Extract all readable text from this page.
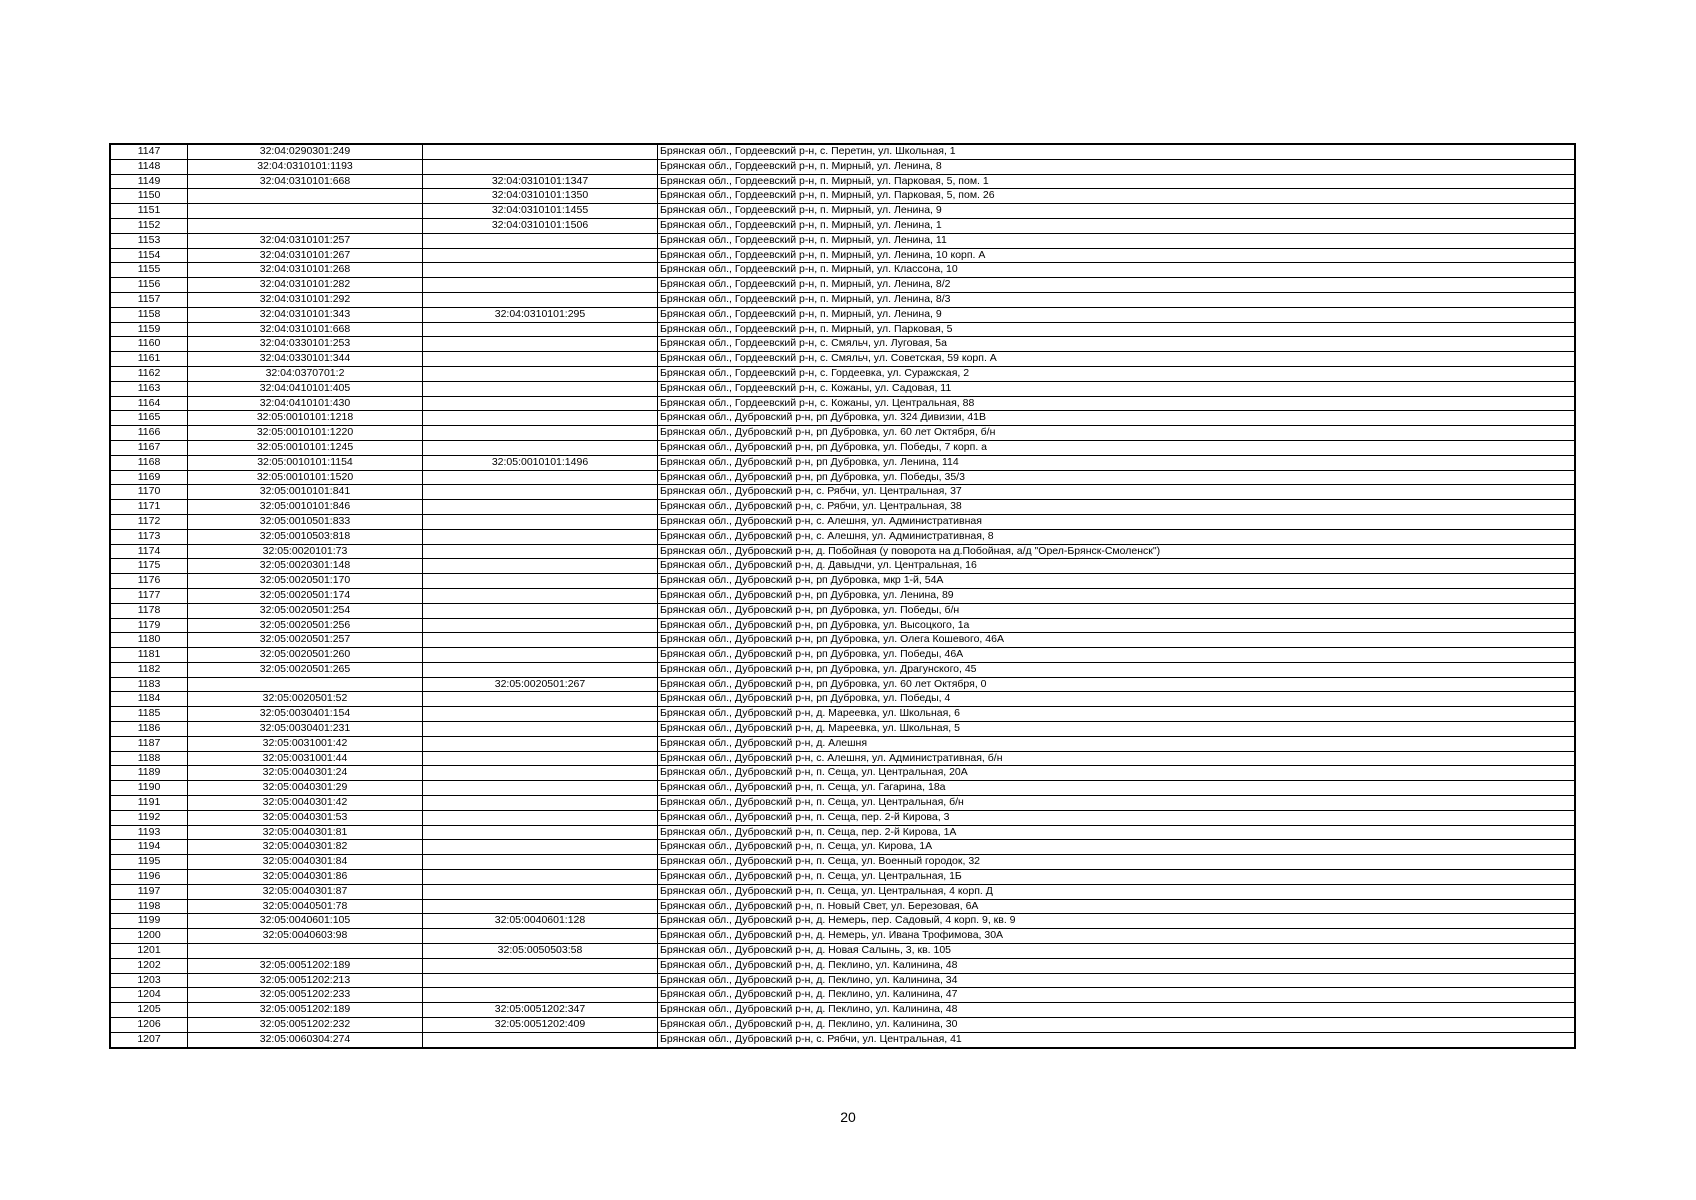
1147	32:04:0290301:249		Брянская обл., Гордеевский р-н, с. Перетин, ул. Школьная, 1
1148	32:04:0310101:1193		Брянская обл., Гордеевский р-н, п. Мирный, ул. Ленина, 8
1149	32:04:0310101:668	32:04:0310101:1347	Брянская обл., Гордеевский р-н, п. Мирный, ул. Парковая, 5, пом. 1
1150		32:04:0310101:1350	Брянская обл., Гордеевский р-н, п. Мирный, ул. Парковая, 5, пом. 26
1151		32:04:0310101:1455	Брянская обл., Гордеевский р-н, п. Мирный, ул. Ленина, 9
1152		32:04:0310101:1506	Брянская обл., Гордеевский р-н, п. Мирный, ул. Ленина, 1
1153	32:04:0310101:257		Брянская обл., Гордеевский р-н, п. Мирный, ул. Ленина, 11
1154	32:04:0310101:267		Брянская обл., Гордеевский р-н, п. Мирный, ул. Ленина, 10 корп. А
1155	32:04:0310101:268		Брянская обл., Гордеевский р-н, п. Мирный, ул. Классона, 10
1156	32:04:0310101:282		Брянская обл., Гордеевский р-н, п. Мирный, ул. Ленина, 8/2
1157	32:04:0310101:292		Брянская обл., Гордеевский р-н, п. Мирный, ул. Ленина, 8/3
1158	32:04:0310101:343	32:04:0310101:295	Брянская обл., Гордеевский р-н, п. Мирный, ул. Ленина, 9
1159	32:04:0310101:668		Брянская обл., Гордеевский р-н, п. Мирный, ул. Парковая, 5
1160	32:04:0330101:253		Брянская обл., Гордеевский р-н, с. Смяльч, ул. Луговая, 5а
1161	32:04:0330101:344		Брянская обл., Гордеевский р-н, с. Смяльч, ул. Советская, 59 корп. А
1162	32:04:0370701:2		Брянская обл., Гордеевский р-н, с. Гордеевка, ул. Суражская, 2
1163	32:04:0410101:405		Брянская обл., Гордеевский р-н, с. Кожаны, ул. Садовая, 11
1164	32:04:0410101:430		Брянская обл., Гордеевский р-н, с. Кожаны, ул. Центральная, 88
1165	32:05:0010101:1218		Брянская обл., Дубровский р-н, рп Дубровка, ул. 324 Дивизии, 41В
1166	32:05:0010101:1220		Брянская обл., Дубровский р-н, рп Дубровка, ул. 60 лет Октября, б/н
1167	32:05:0010101:1245		Брянская обл., Дубровский р-н, рп Дубровка, ул. Победы, 7 корп. а
1168	32:05:0010101:1154	32:05:0010101:1496	Брянская обл., Дубровский р-н, рп Дубровка, ул. Ленина, 114
1169	32:05:0010101:1520		Брянская обл., Дубровский р-н, рп Дубровка, ул. Победы, 35/3
1170	32:05:0010101:841		Брянская обл., Дубровский р-н, с. Рябчи, ул. Центральная, 37
1171	32:05:0010101:846		Брянская обл., Дубровский р-н, с. Рябчи, ул. Центральная, 38
1172	32:05:0010501:833		Брянская обл., Дубровский р-н, с. Алешня, ул. Административная
1173	32:05:0010503:818		Брянская обл., Дубровский р-н, с. Алешня, ул. Административная, 8
1174	32:05:0020101:73		Брянская обл., Дубровский р-н, д. Побойная (у поворота на д.Побойная, а/д "Орел-Брянск-Смоленск")
1175	32:05:0020301:148		Брянская обл., Дубровский р-н, д. Давыдчи, ул. Центральная, 16
1176	32:05:0020501:170		Брянская обл., Дубровский р-н, рп Дубровка, мкр 1-й, 54А
1177	32:05:0020501:174		Брянская обл., Дубровский р-н, рп Дубровка, ул. Ленина, 89
1178	32:05:0020501:254		Брянская обл., Дубровский р-н, рп Дубровка, ул. Победы, б/н
1179	32:05:0020501:256		Брянская обл., Дубровский р-н, рп Дубровка, ул. Высоцкого, 1а
1180	32:05:0020501:257		Брянская обл., Дубровский р-н, рп Дубровка, ул. Олега Кошевого, 46А
1181	32:05:0020501:260		Брянская обл., Дубровский р-н, рп Дубровка, ул. Победы, 46А
1182	32:05:0020501:265		Брянская обл., Дубровский р-н, рп Дубровка, ул. Драгунского, 45
1183		32:05:0020501:267	Брянская обл., Дубровский р-н, рп Дубровка, ул. 60 лет Октября, 0
1184	32:05:0020501:52		Брянская обл., Дубровский р-н, рп Дубровка, ул. Победы, 4
1185	32:05:0030401:154		Брянская обл., Дубровский р-н, д. Мареевка, ул. Школьная, 6
1186	32:05:0030401:231		Брянская обл., Дубровский р-н, д. Мареевка, ул. Школьная, 5
1187	32:05:0031001:42		Брянская обл., Дубровский р-н, д. Алешня
1188	32:05:0031001:44		Брянская обл., Дубровский р-н, с. Алешня, ул. Административная, б/н
1189	32:05:0040301:24		Брянская обл., Дубровский р-н, п. Сеща, ул. Центральная, 20А
1190	32:05:0040301:29		Брянская обл., Дубровский р-н, п. Сеща, ул. Гагарина, 18а
1191	32:05:0040301:42		Брянская обл., Дубровский р-н, п. Сеща, ул. Центральная, б/н
1192	32:05:0040301:53		Брянская обл., Дубровский р-н, п. Сеща, пер. 2-й Кирова, 3
1193	32:05:0040301:81		Брянская обл., Дубровский р-н, п. Сеща, пер. 2-й Кирова, 1А
1194	32:05:0040301:82		Брянская обл., Дубровский р-н, п. Сеща, ул. Кирова, 1А
1195	32:05:0040301:84		Брянская обл., Дубровский р-н, п. Сеща, ул. Военный городок, 32
1196	32:05:0040301:86		Брянская обл., Дубровский р-н, п. Сеща, ул. Центральная, 1Б
1197	32:05:0040301:87		Брянская обл., Дубровский р-н, п. Сеща, ул. Центральная, 4 корп. Д
1198	32:05:0040501:78		Брянская обл., Дубровский р-н, п. Новый Свет, ул. Березовая, 6А
1199	32:05:0040601:105	32:05:0040601:128	Брянская обл., Дубровский р-н, д. Немерь, пер. Садовый, 4 корп. 9, кв. 9
1200	32:05:0040603:98		Брянская обл., Дубровский р-н, д. Немерь, ул. Ивана Трофимова, 30А
1201		32:05:0050503:58	Брянская обл., Дубровский р-н, д. Новая Салынь, 3, кв. 105
1202	32:05:0051202:189		Брянская обл., Дубровский р-н, д. Пеклино, ул. Калинина, 48
1203	32:05:0051202:213		Брянская обл., Дубровский р-н, д. Пеклино, ул. Калинина, 34
1204	32:05:0051202:233		Брянская обл., Дубровский р-н, д. Пеклино, ул. Калинина, 47
1205	32:05:0051202:189	32:05:0051202:347	Брянская обл., Дубровский р-н, д. Пеклино, ул. Калинина, 48
1206	32:05:0051202:232	32:05:0051202:409	Брянская обл., Дубровский р-н, д. Пеклино, ул. Калинина, 30
1207	32:05:0060304:274		Брянская обл., Дубровский р-н, с. Рябчи, ул. Центральная, 41
20
